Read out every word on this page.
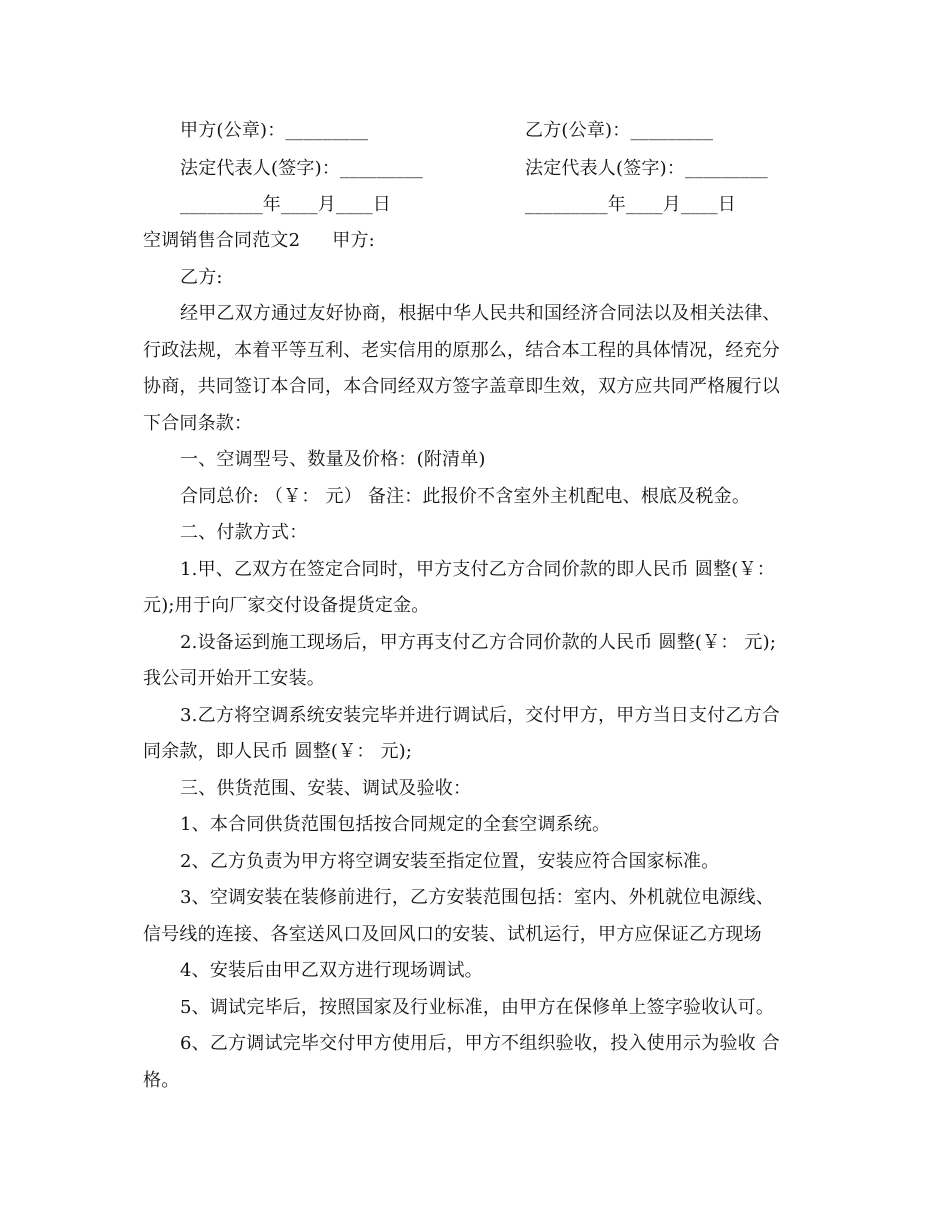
甲方(公章)：_________	乙方(公章)：_________
法定代表人(签字)：_________	法定代表人(签字)：_________
_________年____月____日	_________年____月____日
空调销售合同范文2 甲方:
乙方:
经甲乙双方通过友好协商，根据中华人民共和国经济合同法以及相关法律、
行政法规，本着平等互利、老实信用的原那么，结合本工程的具体情况，经充分
协商，共同签订本合同，本合同经双方签字盖章即生效，双方应共同严格履行以
下合同条款：
一、空调型号、数量及价格：(附清单)
合同总价: （￥： 元） 备注：此报价不含室外主机配电、根底及税金。
二、付款方式：
1.甲、乙双方在签定合同时，甲方支付乙方合同价款的即人民币 圆整(￥：
元);用于向厂家交付设备提货定金。
2.设备运到施工现场后，甲方再支付乙方合同价款的人民币 圆整(￥： 元);
我公司开始开工安装。
3.乙方将空调系统安装完毕并进行调试后，交付甲方，甲方当日支付乙方合
同余款，即人民币 圆整(￥： 元);
三、供货范围、安装、调试及验收：
1、本合同供货范围包括按合同规定的全套空调系统。
2、乙方负责为甲方将空调安装至指定位置，安装应符合国家标准。
3、空调安装在装修前进行，乙方安装范围包括：室内、外机就位电源线、
信号线的连接、各室送风口及回风口的安装、试机运行，甲方应保证乙方现场
4、安装后由甲乙双方进行现场调试。
5、调试完毕后，按照国家及行业标准，由甲方在保修单上签字验收认可。
6、乙方调试完毕交付甲方使用后，甲方不组织验收，投入使用示为验收 合
格。
